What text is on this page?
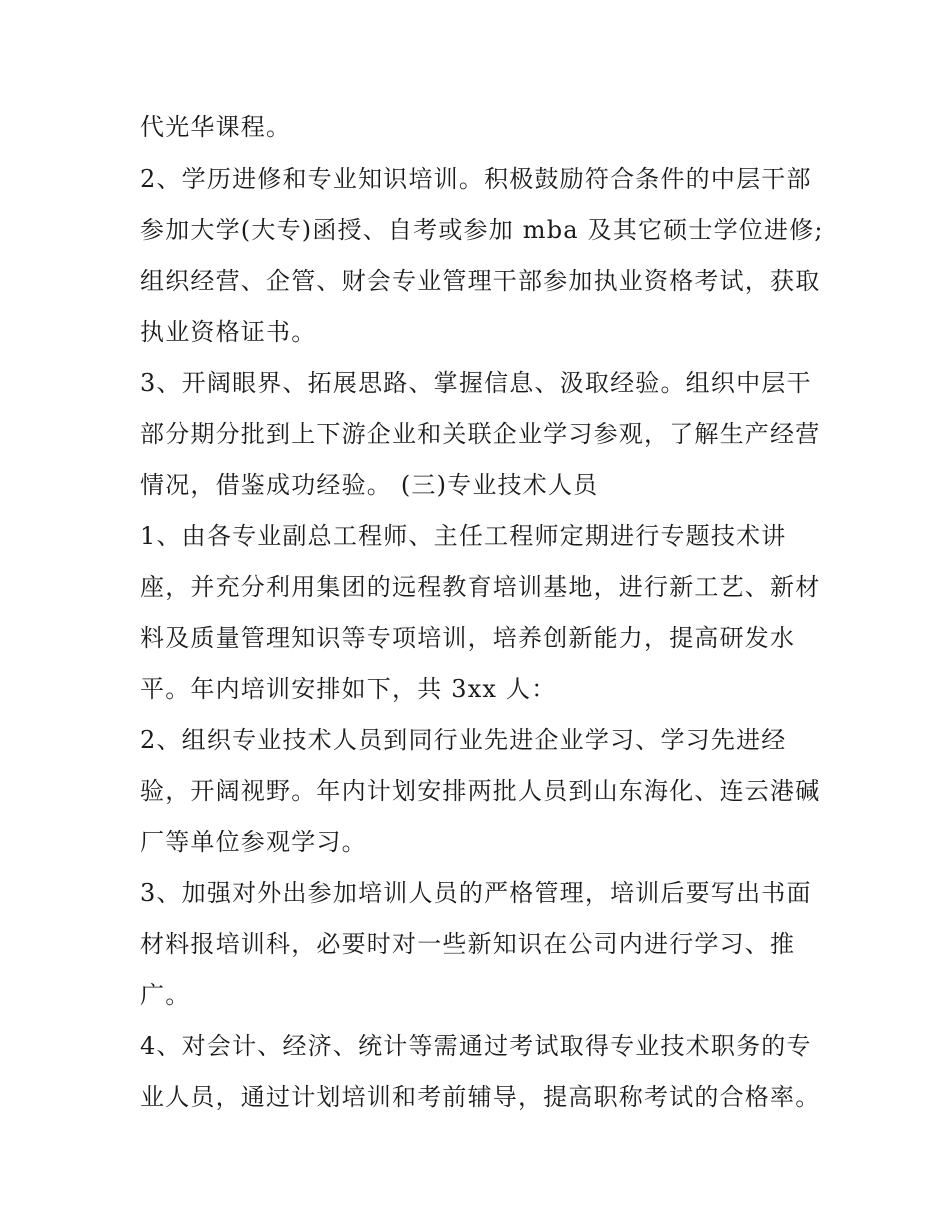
代光华课程。
2、学历进修和专业知识培训。积极鼓励符合条件的中层干部
参加大学(大专)函授、自考或参加 mba 及其它硕士学位进修;
组织经营、企管、财会专业管理干部参加执业资格考试，获取
执业资格证书。
3、开阔眼界、拓展思路、掌握信息、汲取经验。组织中层干
部分期分批到上下游企业和关联企业学习参观，了解生产经营
情况，借鉴成功经验。 (三)专业技术人员
1、由各专业副总工程师、主任工程师定期进行专题技术讲
座，并充分利用集团的远程教育培训基地，进行新工艺、新材
料及质量管理知识等专项培训，培养创新能力，提高研发水
平。年内培训安排如下，共 3xx 人：
2、组织专业技术人员到同行业先进企业学习、学习先进经
验，开阔视野。年内计划安排两批人员到山东海化、连云港碱
厂等单位参观学习。
3、加强对外出参加培训人员的严格管理，培训后要写出书面
材料报培训科，必要时对一些新知识在公司内进行学习、推
广。
4、对会计、经济、统计等需通过考试取得专业技术职务的专
业人员，通过计划培训和考前辅导，提高职称考试的合格率。
